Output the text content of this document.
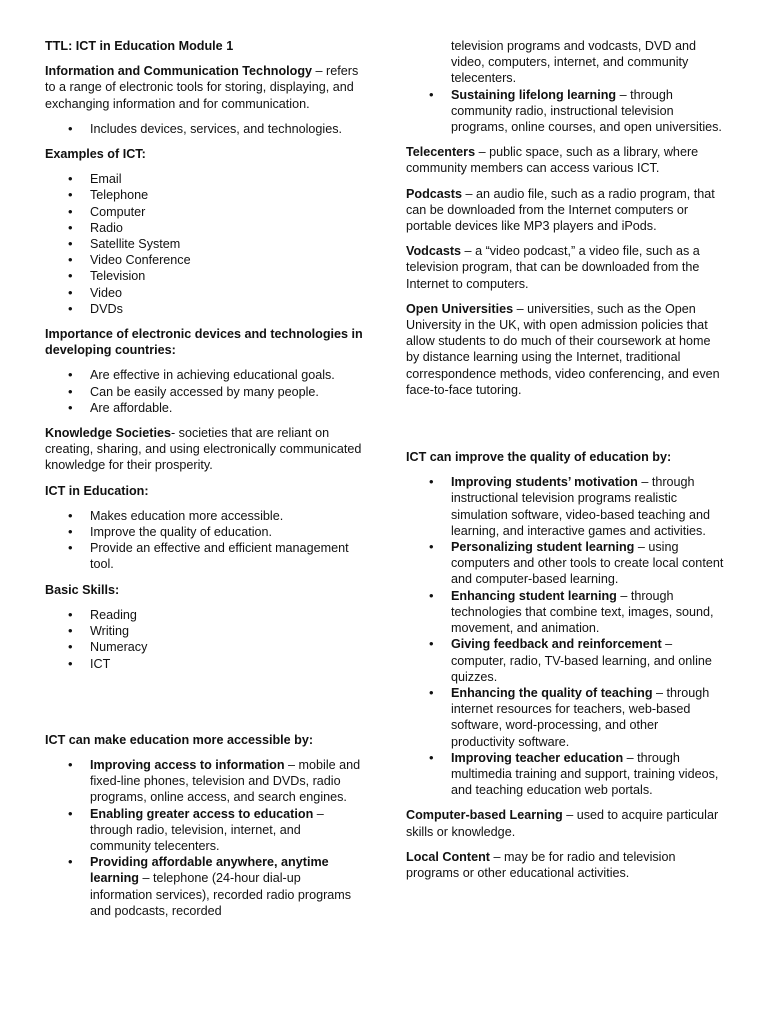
TTL: ICT in Education Module 1

Information and Communication Technology – refers to a range of electronic tools for storing, displaying, and exchanging information and for communication.

• Includes devices, services, and technologies.

Examples of ICT:

• Email
• Telephone
• Computer
• Radio
• Satellite System
• Video Conference
• Television
• Video
• DVDs

Importance of electronic devices and technologies in developing countries:

• Are effective in achieving educational goals.
• Can be easily accessed by many people.
• Are affordable.

Knowledge Societies- societies that are reliant on creating, sharing, and using electronically communicated knowledge for their prosperity.

ICT in Education:

• Makes education more accessible.
• Improve the quality of education.
• Provide an effective and efficient management tool.

Basic Skills:

• Reading
• Writing
• Numeracy
• ICT

ICT can make education more accessible by:

• Improving access to information – mobile and fixed-line phones, television and DVDs, radio programs, online access, and search engines.
• Enabling greater access to education – through radio, television, internet, and community telecenters.
• Providing affordable anywhere, anytime learning – telephone (24-hour dial-up information services), recorded radio programs and podcasts, recorded

television programs and vodcasts, DVD and video, computers, internet, and community telecenters.

• Sustaining lifelong learning – through community radio, instructional television programs, online courses, and open universities.

Telecenters – public space, such as a library, where community members can access various ICT.

Podcasts – an audio file, such as a radio program, that can be downloaded from the Internet computers or portable devices like MP3 players and iPods.

Vodcasts – a “video podcast,” a video file, such as a television program, that can be downloaded from the Internet to computers.

Open Universities – universities, such as the Open University in the UK, with open admission policies that allow students to do much of their coursework at home by distance learning using the Internet, traditional correspondence methods, video conferencing, and even face-to-face tutoring.

ICT can improve the quality of education by:

• Improving students’ motivation – through instructional television programs realistic simulation software, video-based teaching and learning, and interactive games and activities.
• Personalizing student learning – using computers and other tools to create local content and computer-based learning.
• Enhancing student learning – through technologies that combine text, images, sound, movement, and animation.
• Giving feedback and reinforcement – computer, radio, TV-based learning, and online quizzes.
• Enhancing the quality of teaching – through internet resources for teachers, web-based software, word-processing, and other productivity software.
• Improving teacher education – through multimedia training and support, training videos, and teaching education web portals.

Computer-based Learning – used to acquire particular skills or knowledge.

Local Content – may be for radio and television programs or other educational activities.
